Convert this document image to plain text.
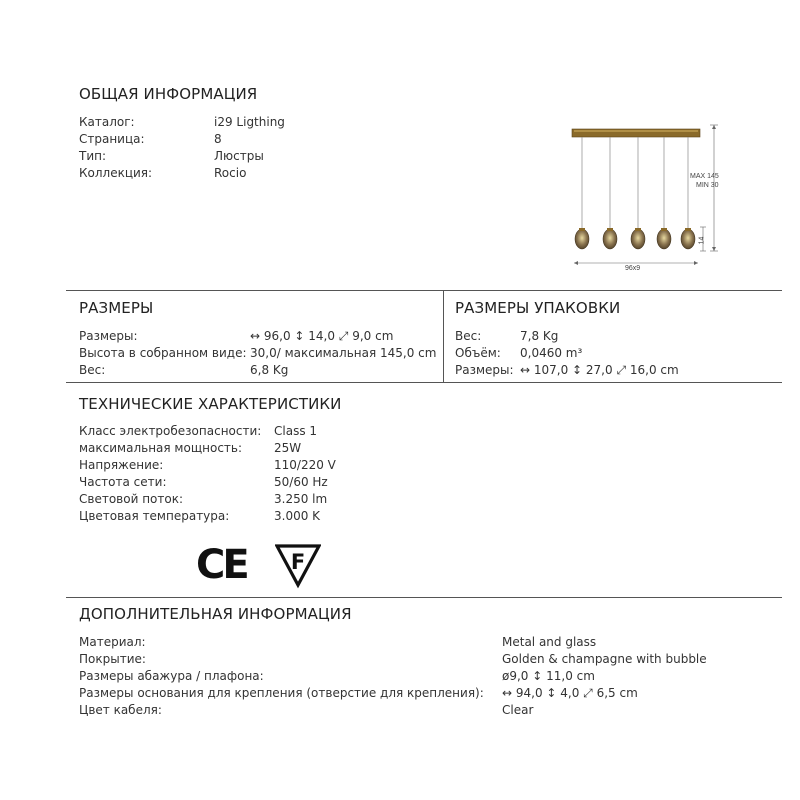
ОБЩАЯ ИНФОРМАЦИЯ
Каталог:	i29 Ligthing
Страница:	8
Тип:	Люстры
Коллекция:	Rocio	MAX 145
MIN 30
14
96x9
РАЗМЕРЫ
Размеры:	↔ 96,0 ↕ 14,0 ⤢ 9,0 cm
Высота в собранном виде: 30,0/ максимальная 145,0 cm
Вес:	6,8 Kg
РАЗМЕРЫ УПАКОВКИ
Вес:	7,8 Kg
Объём: 0,0460 m³
Размеры: ↔ 107,0 ↕ 27,0 ⤢ 16,0 cm
ТЕХНИЧЕСКИЕ ХАРАКТЕРИСТИКИ
Класс электробезопасности: Class 1
максимальная мощность:	25W
Напряжение:	110/220 V
Частота сети:	50/60 Hz
Световой поток:	3.250 lm
Цветовая температура:	3.000 K
CE F
ДОПОЛНИТЕЛЬНАЯ ИНФОРМАЦИЯ
Материал:	Metal and glass
Покрытие:	Golden & champagne with bubble
Размеры абажура / плафона:	ø9,0 ↕ 11,0 cm
Размеры основания для крепления (отверстие для крепления): ↔ 94,0 ↕ 4,0 ⤢ 6,5 cm
Цвет кабеля:	Clear
